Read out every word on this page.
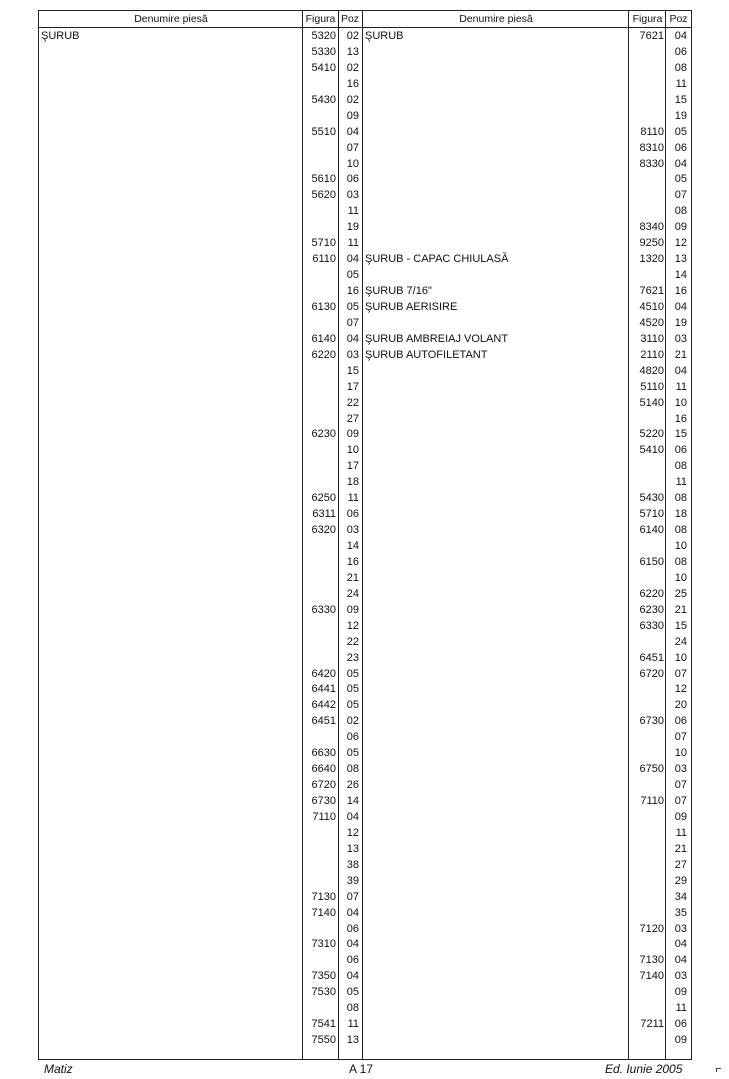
Denumire piesă	Figura Poz
ŞURUB	5320 02
5330 13
5410 02
16
5430 02
09
5510 04
07
10
5610 06
5620 03
11
19
5710 11
6110 04
05
16
6130 05
07
6140 04
6220 03
15
17
22
27
6230 09
10
17
18
6250 11
6311 06
6320 03
14
16
21
24
6330 09
12
22
23
6420 05
6441 05
6442 05
6451 02
06
6630 05
6640 08
6720 26
6730 14
7110 04
12
13
38
39
7130 07
7140 04
06
7310 04
06
7350 04
7530 05
08
7541 11
7550 13
Denumire piesă	Figura Poz
ŞURUB	7621 04
06
08
11
15
19
8110 05
8310 06
8330 04
05
07
08
8340 09
9250 12
ŞURUB - CAPAC CHIULASĂ	1320 13
14
ŞURUB 7/16"	7621 16
ŞURUB AERISIRE	4510 04
4520 19
ŞURUB AMBREIAJ VOLANT	3110 03
ŞURUB AUTOFILETANT	2110 21
4820 04
5110 11
5140 10
16
5220 15
5410 06
08
11
5430 08
5710 18
6140 08
10
6150 08
10
6220 25
6230 21
6330 15
24
6451 10
6720 07
12
20
6730 06
07
10
6750 03
07
7110 07
09
11
21
27
29
34
35
7120 03
04
7130 04
7140 03
09
11
7211 06
09
Matiz	A 17	Ed. Iunie 2005
